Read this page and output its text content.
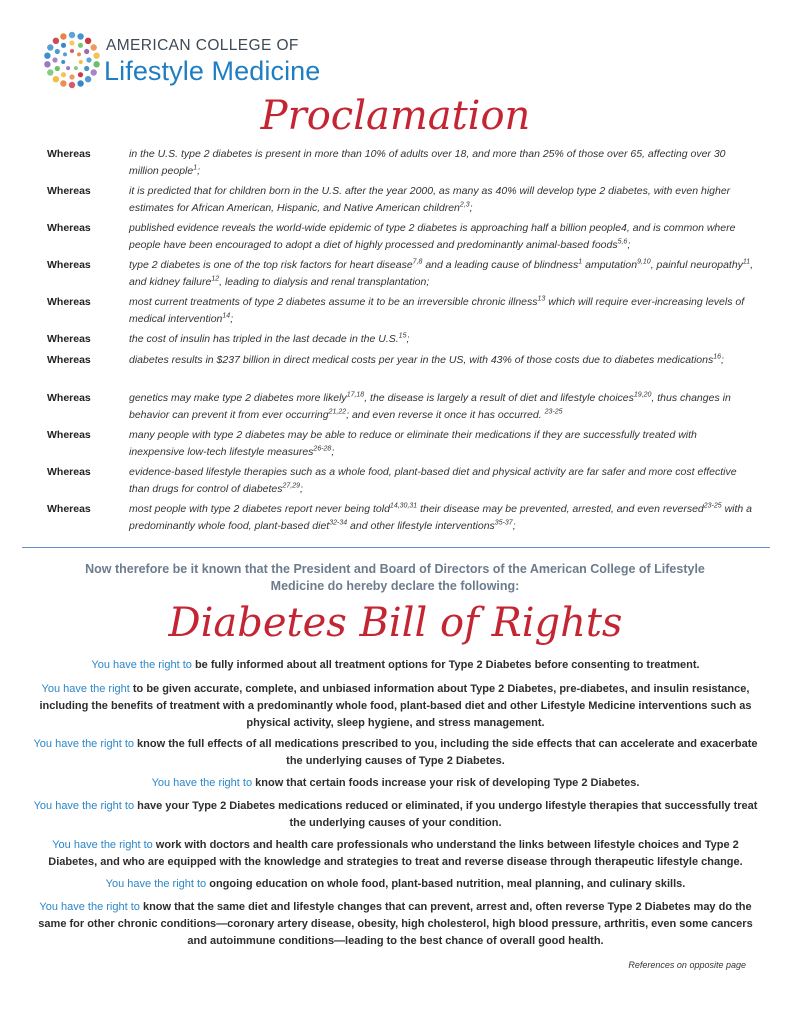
AMERICAN COLLEGE OF
Lifestyle Medicine
Proclamation
Whereas	in the U.S. type 2 diabetes is present in more than 10% of adults over 18, and more than 25% of those over 65, affecting over 30 million people$^1$;
Whereas	it is predicted that for children born in the U.S. after the year 2000, as many as 40% will develop type 2 diabetes, with even higher estimates for African American, Hispanic, and Native American children$^{2,3}$;
Whereas	published evidence reveals the world-wide epidemic of type 2 diabetes is approaching half a billion people4, and is common where people have been encouraged to adopt a diet of highly processed and predominantly animal-based foods$^{5,6}$;
Whereas	type 2 diabetes is one of the top risk factors for heart disease$^{7,8}$ and a leading cause of blindness$^1$ amputation$^{9,10}$, painful neuropathy$^{11}$, and kidney failure$^{12}$, leading to dialysis and renal transplantation;
Whereas	most current treatments of type 2 diabetes assume it to be an irreversible chronic illness$^{13}$ which will require ever-increasing levels of medical intervention$^{14}$;
Whereas	the cost of insulin has tripled in the last decade in the U.S.$^{15}$;
Whereas	diabetes results in $237 billion in direct medical costs per year in the US, with 43% of those costs due to diabetes medications$^{16}$;
Whereas	genetics may make type 2 diabetes more likely$^{17,18}$, the disease is largely a result of diet and lifestyle choices$^{19,20}$, thus changes in behavior can prevent it from ever occurring$^{21,22}$; and even reverse it once it has occurred. $^{23-25}$
Whereas	many people with type 2 diabetes may be able to reduce or eliminate their medications if they are successfully treated with inexpensive low-tech lifestyle measures$^{26-28}$;
Whereas	evidence-based lifestyle therapies such as a whole food, plant-based diet and physical activity are far safer and more cost effective than drugs for control of diabetes$^{27,29}$;
Whereas	most people with type 2 diabetes report never being told$^{14,30,31}$ their disease may be prevented, arrested, and even reversed$^{23-25}$ with a predominantly whole food, plant-based diet$^{32-34}$ and other lifestyle interventions$^{35-37}$;
Now therefore be it known that the President and Board of Directors of the American College of Lifestyle Medicine do hereby declare the following:
Diabetes Bill of Rights
You have the right to be fully informed about all treatment options for Type 2 Diabetes before consenting to treatment.
You have the right to be given accurate, complete, and unbiased information about Type 2 Diabetes, pre-diabetes, and insulin resistance, including the benefits of treatment with a predominantly whole food, plant-based diet and other Lifestyle Medicine interventions such as physical activity, sleep hygiene, and stress management.
You have the right to know the full effects of all medications prescribed to you, including the side effects that can accelerate and exacerbate the underlying causes of Type 2 Diabetes.
You have the right to know that certain foods increase your risk of developing Type 2 Diabetes.
You have the right to have your Type 2 Diabetes medications reduced or eliminated, if you undergo lifestyle therapies that successfully treat the underlying causes of your condition.
You have the right to work with doctors and health care professionals who understand the links between lifestyle choices and Type 2 Diabetes, and who are equipped with the knowledge and strategies to treat and reverse disease through therapeutic lifestyle change.
You have the right to ongoing education on whole food, plant-based nutrition, meal planning, and culinary skills.
You have the right to know that the same diet and lifestyle changes that can prevent, arrest and, often reverse Type 2 Diabetes may do the same for other chronic conditions—coronary artery disease, obesity, high cholesterol, high blood pressure, arthritis, even some cancers and autoimmune conditions—leading to the best chance of overall good health.
References on opposite page
